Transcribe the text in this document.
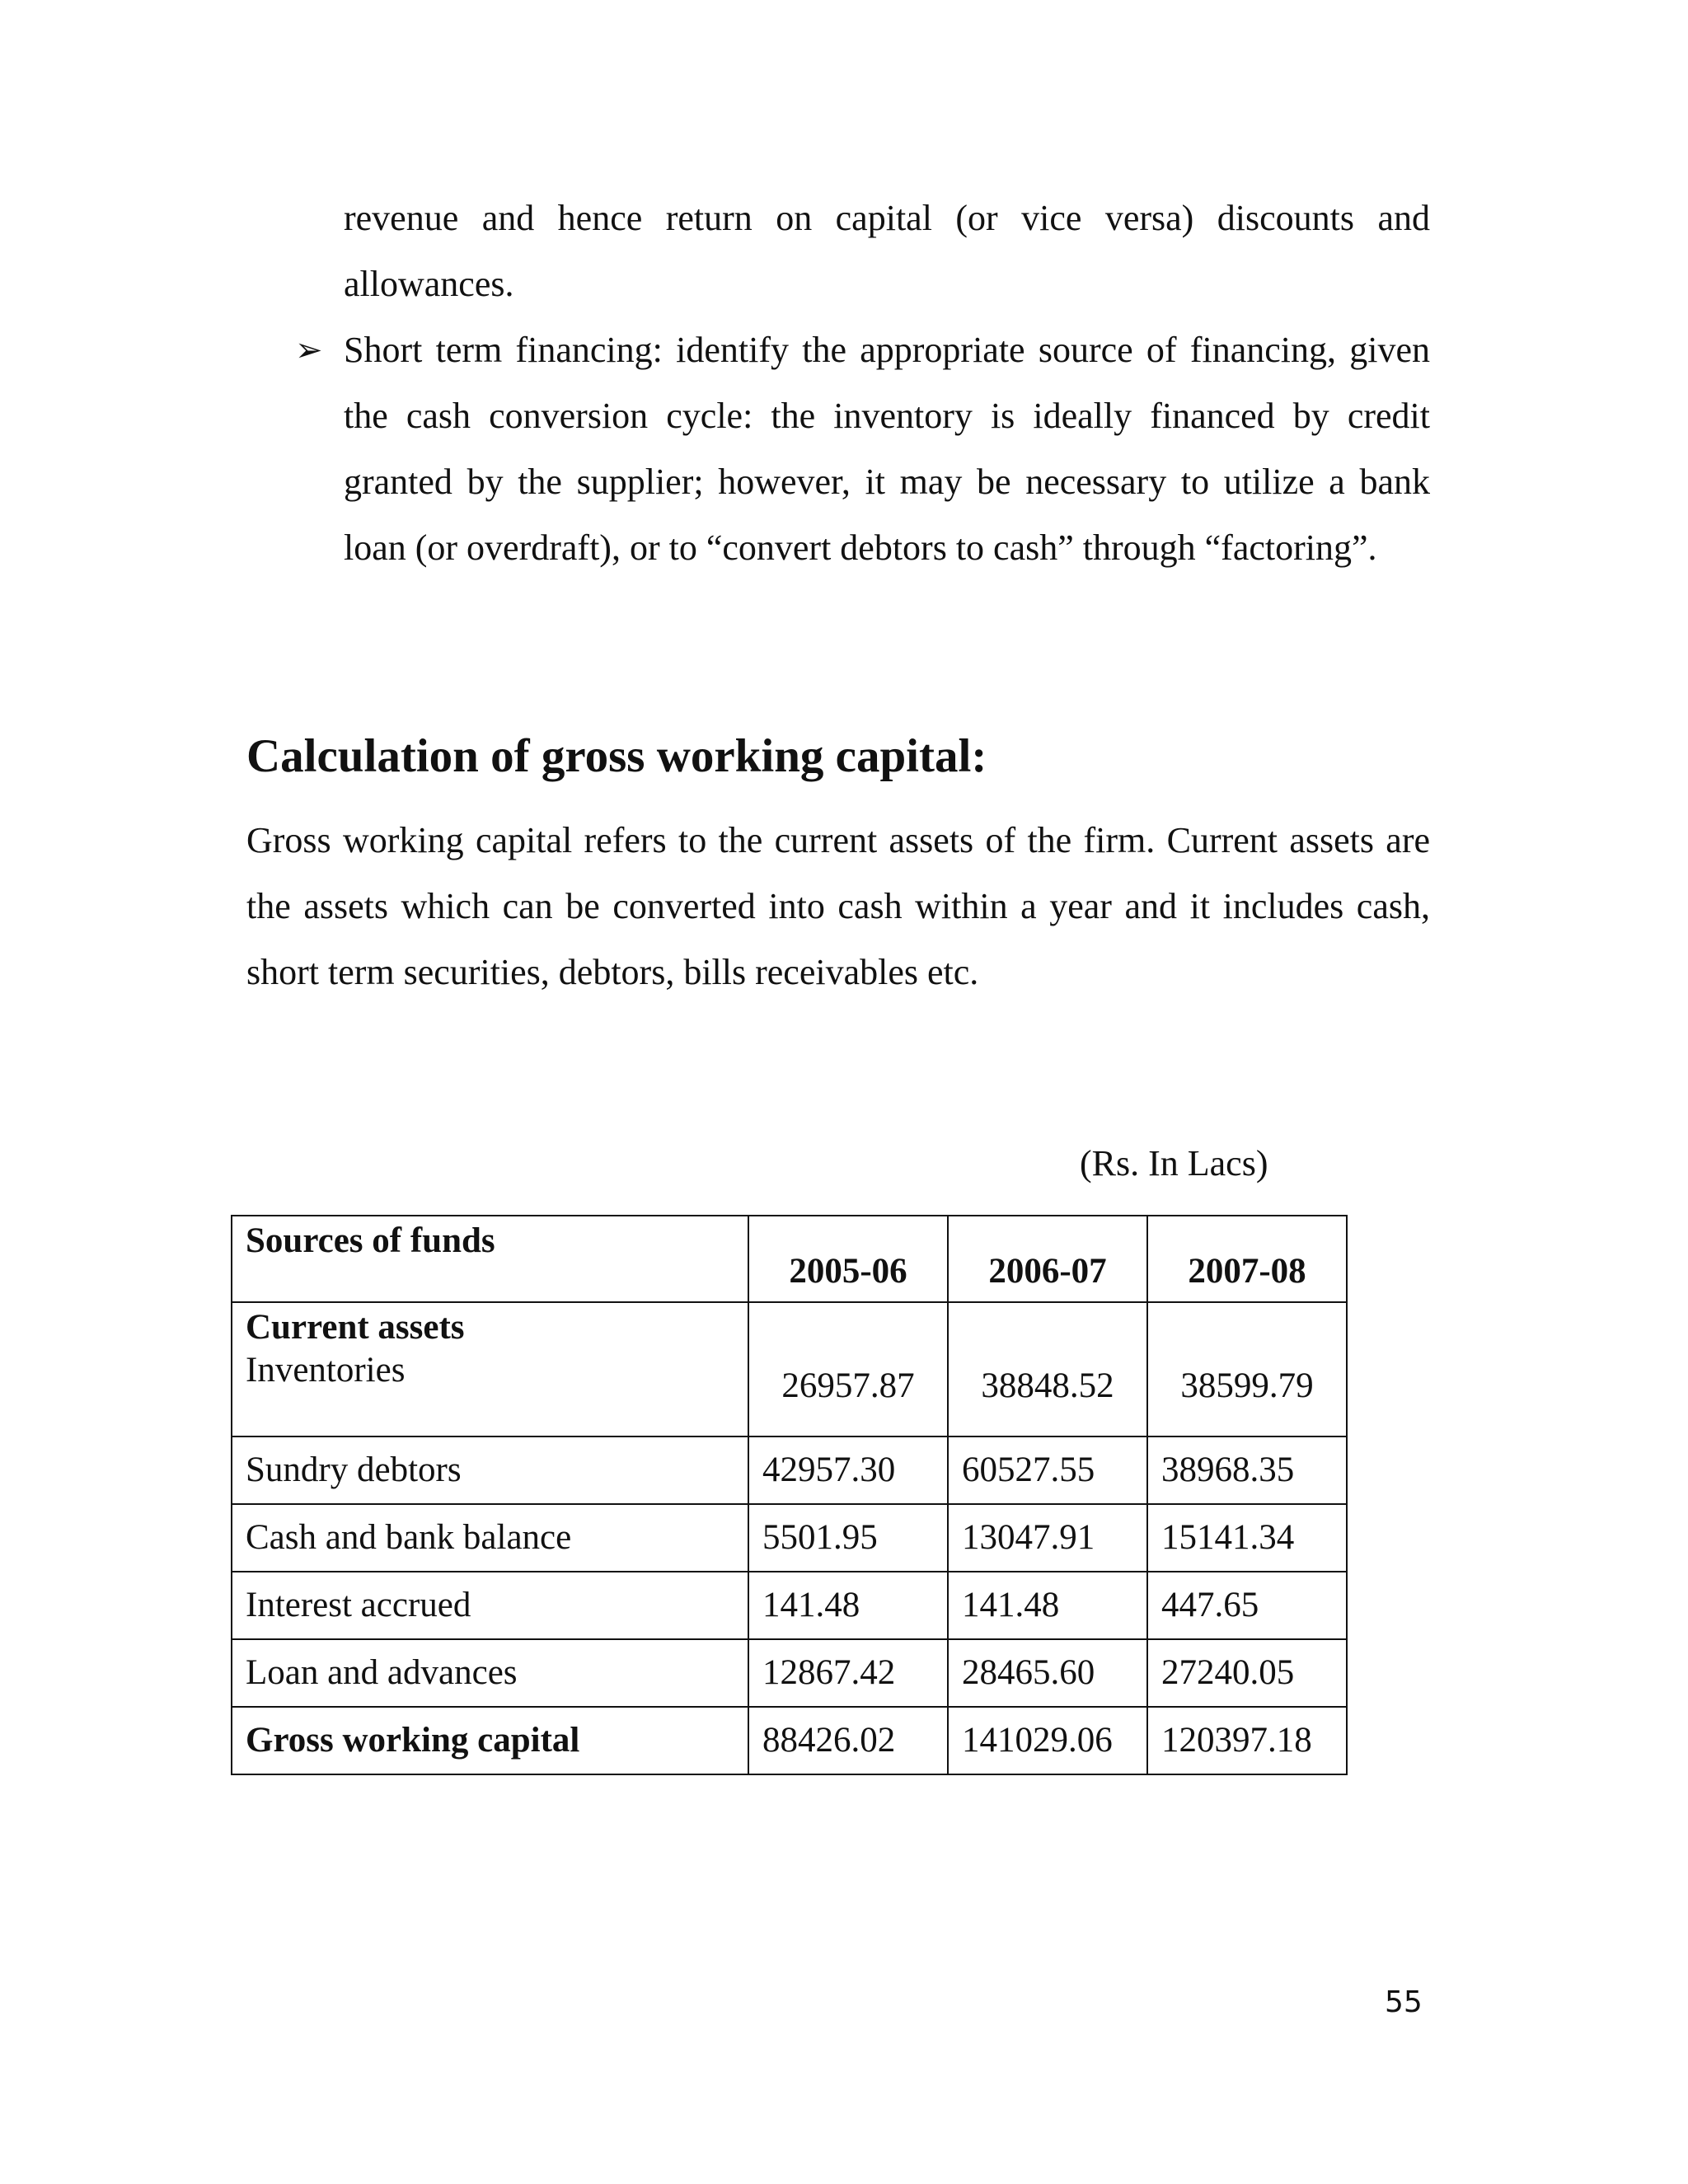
revenue and hence return on capital (or vice versa) discounts and allowances.

➢ Short term financing: identify the appropriate source of financing, given the cash conversion cycle: the inventory is ideally financed by credit granted by the supplier; however, it may be necessary to utilize a bank loan (or overdraft), or to “convert debtors to cash” through “factoring”.

Calculation of gross working capital:

Gross working capital refers to the current assets of the firm. Current assets are the assets which can be converted into cash within a year and it includes cash, short term securities, debtors, bills receivables etc.

(Rs. In Lacs)
Sources of funds	2005-06	2006-07	2007-08

Current assets
Inventories	26957.87	38848.52	38599.79
Sundry debtors	42957.30	60527.55	38968.35
Cash and bank balance	5501.95	13047.91	15141.34
Interest accrued	141.48	141.48	447.65
Loan and advances	12867.42	28465.60	27240.05
Gross working capital	88426.02	141029.06	120397.18
55
